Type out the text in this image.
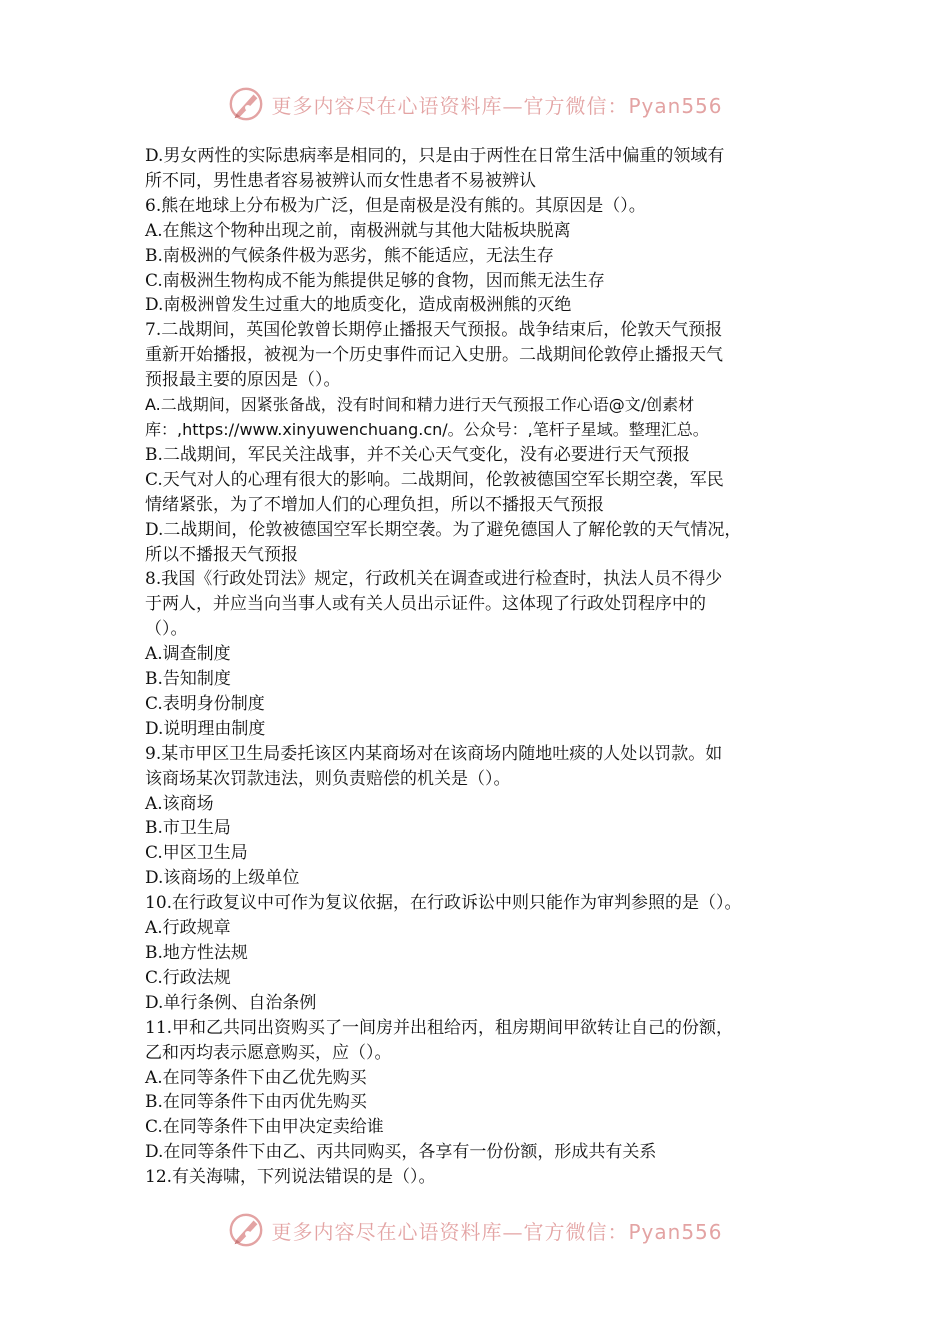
更多内容尽在心语资料库—官方微信：Pyan556
D.男女两性的实际患病率是相同的，只是由于两性在日常生活中偏重的领域有
所不同，男性患者容易被辨认而女性患者不易被辨认
6.熊在地球上分布极为广泛，但是南极是没有熊的。其原因是（）。
A.在熊这个物种出现之前，南极洲就与其他大陆板块脱离
B.南极洲的气候条件极为恶劣，熊不能适应，无法生存
C.南极洲生物构成不能为熊提供足够的食物，因而熊无法生存
D.南极洲曾发生过重大的地质变化，造成南极洲熊的灭绝
7.二战期间，英国伦敦曾长期停止播报天气预报。战争结束后，伦敦天气预报
重新开始播报，被视为一个历史事件而记入史册。二战期间伦敦停止播报天气
预报最主要的原因是（）。
A.二战期间，因紧张备战，没有时间和精力进行天气预报工作心语@文/创素材
库：,https://www.xinyuwenchuang.cn/。公众号：,笔杆子星域。整理汇总。
B.二战期间，军民关注战事，并不关心天气变化，没有必要进行天气预报
C.天气对人的心理有很大的影响。二战期间，伦敦被德国空军长期空袭，军民
情绪紧张，为了不增加人们的心理负担，所以不播报天气预报
D.二战期间，伦敦被德国空军长期空袭。为了避免德国人了解伦敦的天气情况，
所以不播报天气预报
8.我国《行政处罚法》规定，行政机关在调查或进行检查时，执法人员不得少
于两人，并应当向当事人或有关人员出示证件。这体现了行政处罚程序中的
（）。
A.调查制度
B.告知制度
C.表明身份制度
D.说明理由制度
9.某市甲区卫生局委托该区内某商场对在该商场内随地吐痰的人处以罚款。如
该商场某次罚款违法，则负责赔偿的机关是（）。
A.该商场
B.市卫生局
C.甲区卫生局
D.该商场的上级单位
10.在行政复议中可作为复议依据，在行政诉讼中则只能作为审判参照的是（）。
A.行政规章
B.地方性法规
C.行政法规
D.单行条例、自治条例
11.甲和乙共同出资购买了一间房并出租给丙，租房期间甲欲转让自己的份额，
乙和丙均表示愿意购买，应（）。
A.在同等条件下由乙优先购买
B.在同等条件下由丙优先购买
C.在同等条件下由甲决定卖给谁
D.在同等条件下由乙、丙共同购买，各享有一份份额，形成共有关系
12.有关海啸，下列说法错误的是（）。
更多内容尽在心语资料库—官方微信：Pyan556
